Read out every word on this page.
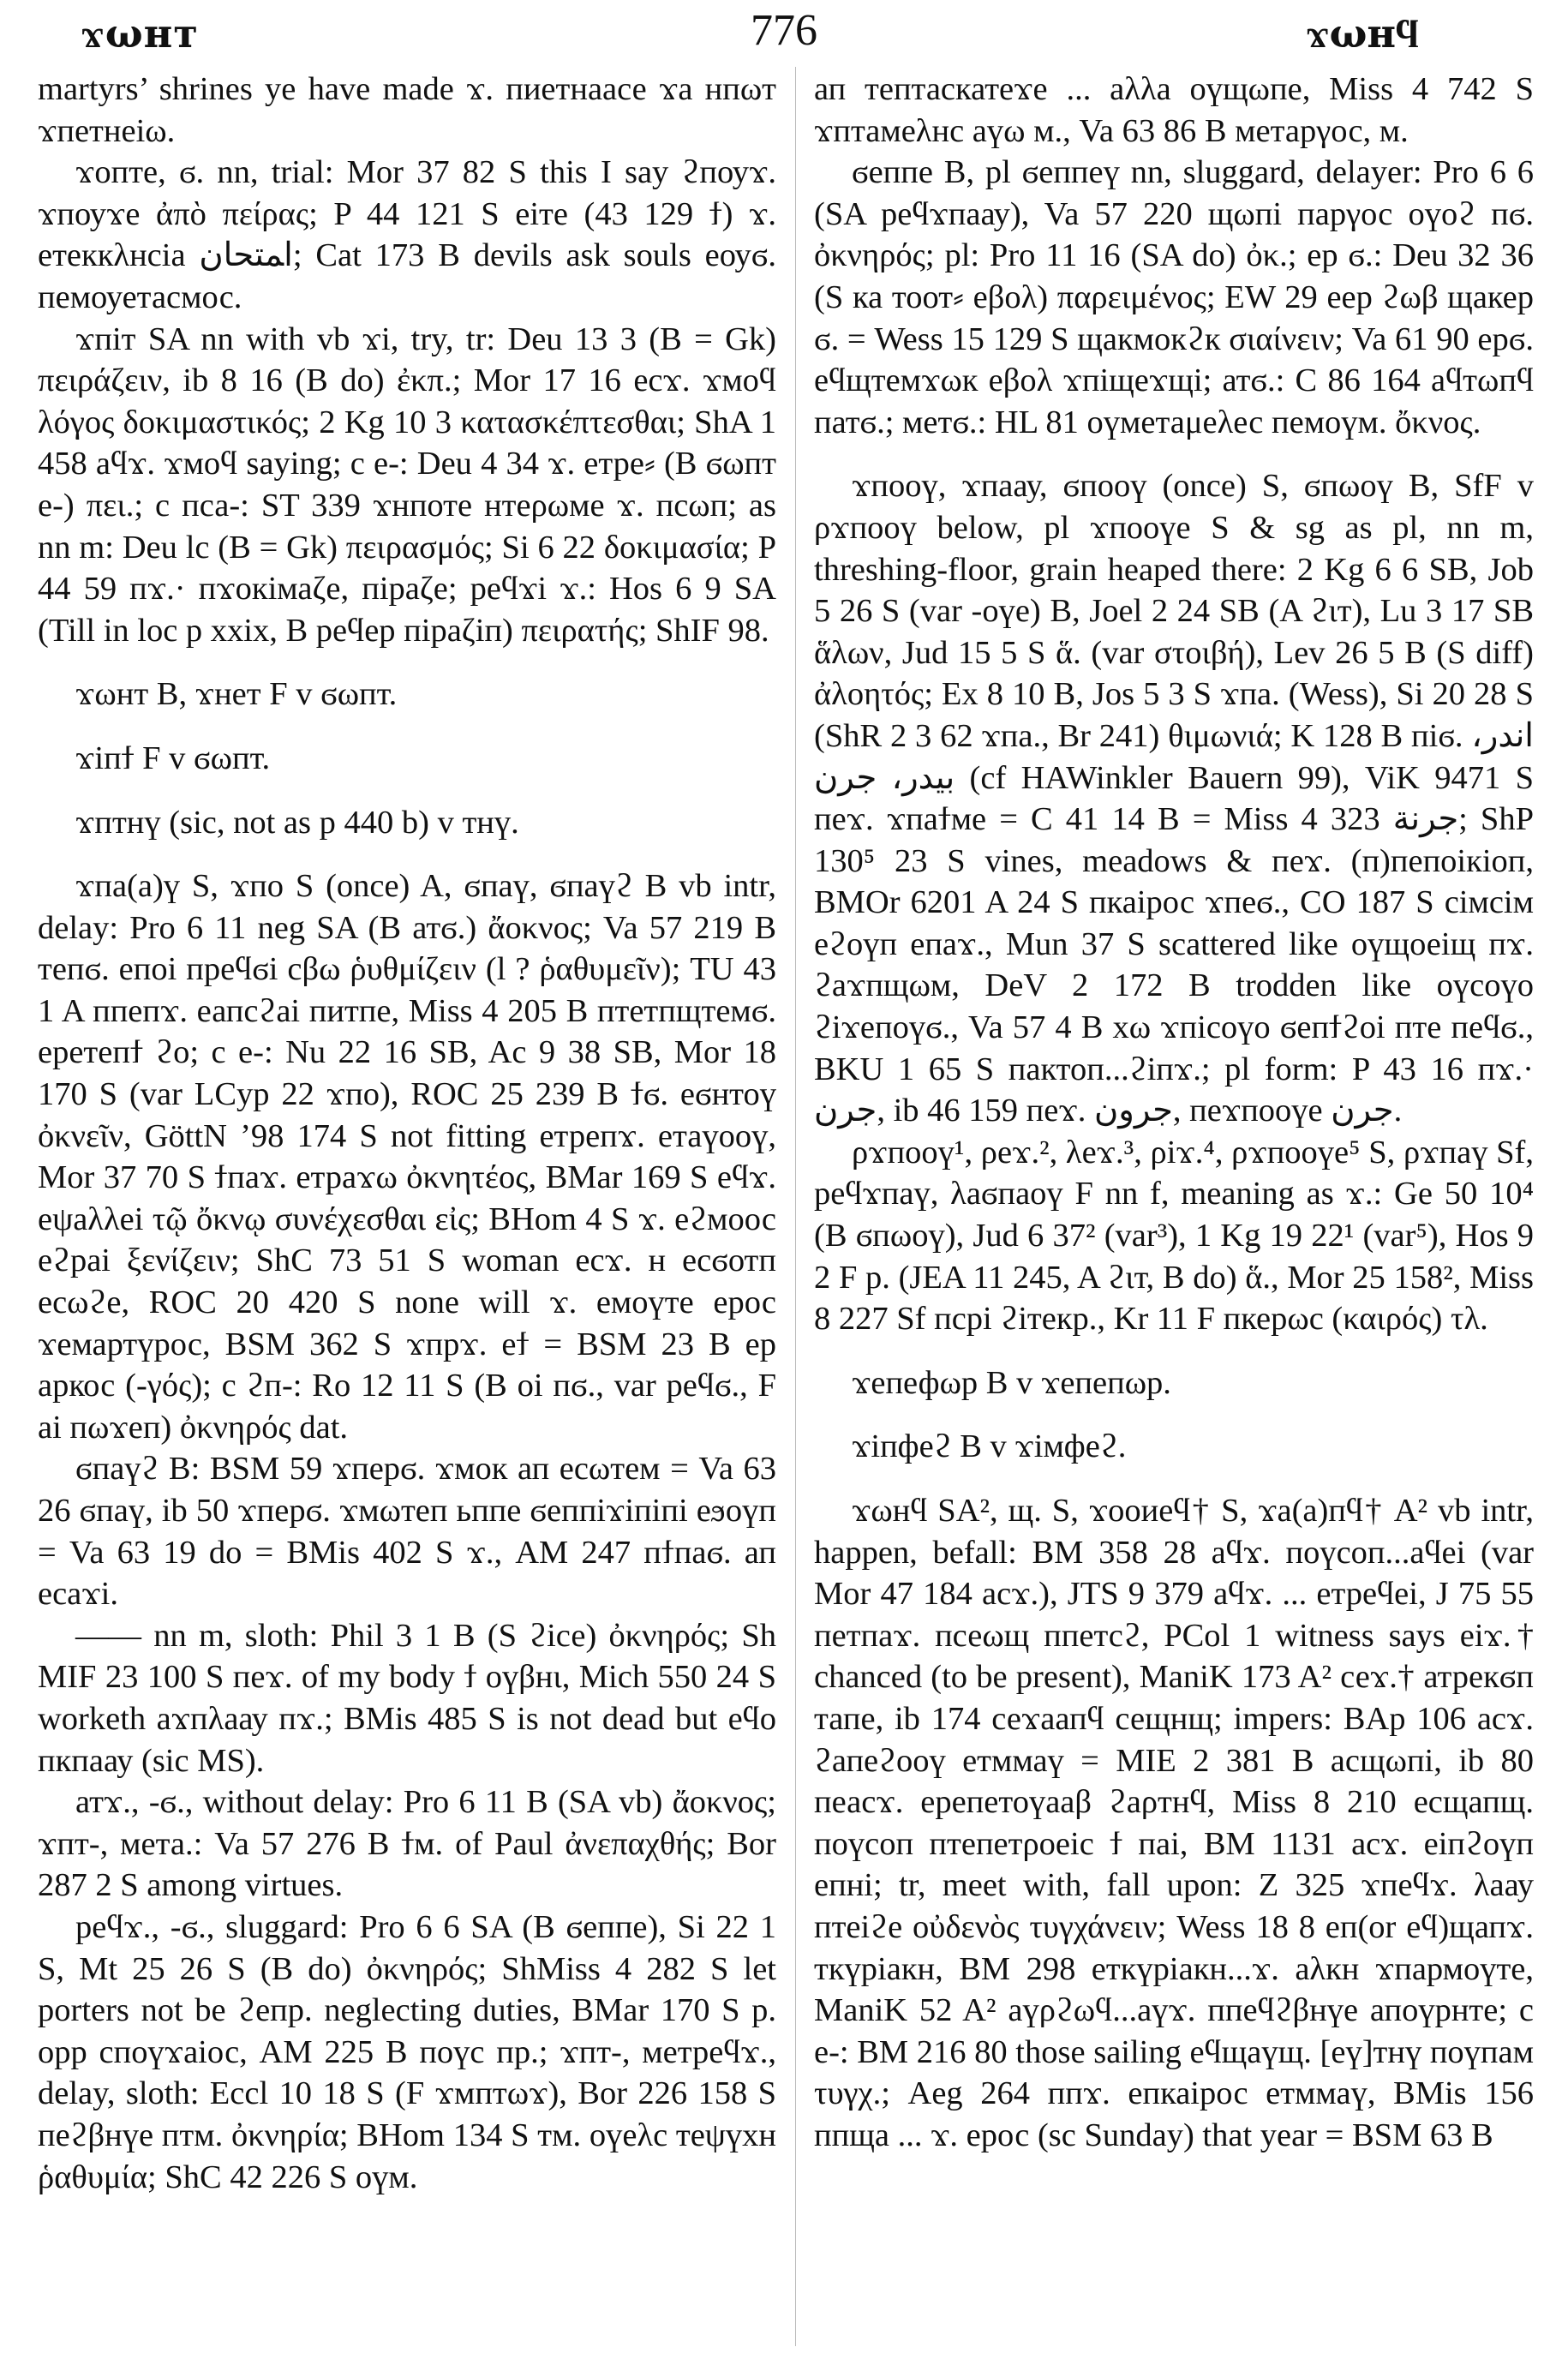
ϫωнт	776	ϫωнϥ

martyrs’ shrines ye have made ϫ. пиетнаасе ϫа нпωт ϫпетнеіω.

ϫопте, ϭ. nn, trial: Mor 37 82 S this I say ϩпоуϫ. ϫпоуϫе ἀπὸ πείρας; P 44 121 S еіте (43 129 ϯ) ϫ. етеккλнсіа ﺍﻤﺘﺤﺎﻥ; Cat 173 B devils ask souls еоуϭ. пемоуетасмос.

ϫпіт SA nn with vb ϫі, try, tr: Deu 13 3 (B = Gk) πειράζειν, ib 8 16 (B do) ἐκπ.; Mor 17 16 еcϫ. ϫмоϥ λόγος δοκιμαστικός; 2 Kg 10 3 κατασκέπτεσθαι; ShA 1 458 аϥϫ. ϫмоϥ saying; с е-: Deu 4 34 ϫ. етре⸗ (B ϭωпт е-) πει.; с пса-: ST 339 ϫнпоте нтеρωме ϫ. псωп; as nn m: Deu lc (B = Gk) πειρασμός; Si 6 22 δοκιμασία; P 44 59 пϫ.· пϫокімаζе, піраζе; реϥϫі ϫ.: Hos 6 9 SA (Till in loc p xxix, B реϥер піраζіп) πειρατής; ShIF 98.

ϫωнт B, ϫнет F v ϭωпт.

ϫіпϯ F v ϭωпт.

ϫптнү (sic, not as p 440 b) v тнү.

ϫпа(а)ү S, ϫпо S (once) A, ϭпаү, ϭпаүϩ B vb intr, delay: Pro 6 11 neg SA (B атϭ.) ἄοκνος; Va 57 219 B тепϭ. епоі преϥϭі сβω ῥυθμίζειν (l ? ῥαθυμεῖν); TU 43 1 A ппепϫ. еапсϩаі питпе, Miss 4 205 B птетпщтемϭ. еретепϯ ϩо; с е-: Nu 22 16 SB, Ac 9 38 SB, Mor 18 170 S (var LCyp 22 ϫпо), ROC 25 239 B ϯϭ. еϭнтоү ὀκνεῖν, GöttN ’98 174 S not fitting етрепϫ. етаүооү, Mor 37 70 S ϯпаϫ. етраϫω ὀκνητέος, BMar 169 S еϥϫ. еψаλλеі τῷ ὄκνῳ συνέχεσθαι εἰς; BHom 4 S ϫ. еϩмоос еϩраі ξενίζειν; ShC 73 51 S woman еcϫ. н еcϭотп еcωϩе, ROC 20 420 S none will ϫ. емоүте ерос ϫемартүрос, BSM 362 S ϫпрϫ. еϯ = BSM 23 B ер аркос (-γός); с ϩп-: Ro 12 11 S (B оі пϭ., var реϥϭ., F аі пωϫеп) ὀκνηρός dat.

ϭпаүϩ B: BSM 59 ϫперϭ. ϫмок ап еcωтем = Va 63 26 ϭпаү, ib 50 ϫперϭ. ϫмωтеп ьппе ϭеппіϫіпіпі еϧоүп = Va 63 19 do = BMis 402 S ϫ., AM 247 пϯпаϭ. ап еcаϫі.

—— nn m, sloth: Phil 3 1 B (S ϩісе) ὀκνηρός; Sh MIF 23 100 S пеϫ. of my body ϯ оүβнι, Mich 550 24 S worketh аϫпλаау пϫ.; BMis 485 S is not dead but еϥо пкпаау (sic MS).

атϫ., -ϭ., without delay: Pro 6 11 B (SA vb) ἄοκνος; ϫпт-, мета.: Va 57 276 B ϯм. of Paul ἀνεπαχθής; Bor 287 2 S among virtues.

реϥϫ., -ϭ., sluggard: Pro 6 6 SA (B ϭеппе), Si 22 1 S, Mt 25 26 S (B do) ὀκνηρός; ShMiss 4 282 S let porters not be ϩепр. neglecting duties, BMar 170 S р. opp споүϫаіос, AM 225 B поүс пр.; ϫпт-, метреϥϫ., delay, sloth: Eccl 10 18 S (F ϫмптωϫ), Bor 226 158 S пеϩβнүе птм. ὀκνηρία; BHom 134 S тм. оүеλс теψүхн ῥαθυμία; ShC 42 226 S оүм.

ап тептаскатеϫе ... аλλа оүщωпе, Miss 4 742 S ϫптамеλнс аүω м., Va 63 86 B метарγос, м.

ϭеппе B, pl ϭеппеү nn, sluggard, delayer: Pro 6 6 (SA реϥϫпаау), Va 57 220 щωпі парγос оүоϩ пϭ. ὀκνηρός; pl: Pro 11 16 (SA do) ὀκ.; ер ϭ.: Deu 32 36 (S ка тоот⸗ еβоλ) παρειμένος; EW 29 еер ϩωβ щакер ϭ. = Wess 15 129 S щакмокϩк σιαίνειν; Va 61 90 ерϭ. еϥщтемϫωк еβоλ ϫпіщеϫщі; атϭ.: C 86 164 аϥтωпϥ патϭ.; метϭ.: HL 81 оүметаμеλес пемоүм. ὄκνος.

ϫпооү, ϫпаау, ϭпооү (once) S, ϭпωоү B, SfF v ρϫпооү below, pl ϫпооүе S & sg as pl, nn m, threshing-floor, grain heaped there: 2 Kg 6 6 SB, Job 5 26 S (var -оүе) B, Joel 2 24 SB (A ϩιт), Lu 3 17 SB ἅλων, Jud 15 5 S ἅ. (var στοιβή), Lev 26 5 B (S diff) ἀλοητός; Ex 8 10 B, Jos 5 3 S ϫпа. (Wess), Si 20 28 S (ShR 2 3 62 ϫпа., Br 241) θιμωνιά; K 128 B піϭ. ﺍﻧﺪﺭ، ﺑﻴﺪﺭ، ﺟﺮﻥ (cf HAWinkler Bauern 99), ViK 9471 S пеϫ. ϫпаϯме = C 41 14 B = Miss 4 323 ﺟﺮﻧﺔ; ShP 130⁵ 23 S vines, meadows & пеϫ. (п)пепоікіоп, BMOr 6201 A 24 S пкаірос ϫпеϭ., CO 187 S сімсім еϩоүп епаϫ., Mun 37 S scattered like оүщоеіщ пϫ. ϩаϫпщωм, DeV 2 172 B trodden like оүсоүо ϩіϫепоүϭ., Va 57 4 B хω ϫпісоүо ϭепϯϩоі пте пеϥϭ., BKU 1 65 S пактоп...ϩіпϫ.; pl form: P 43 16 пϫ.· ﺟﺮﻥ, ib 46 159 пеϫ. ﺟﺮﻭﻥ, пеϫпооүе ﺟﺮﻥ.

ρϫпооү¹, ρеϫ.², λеϫ.³, ρіϫ.⁴, ρϫпооүе⁵ S, ρϫпаү Sf, реϥϫпаү, λаϭпаоү F nn f, meaning as ϫ.: Ge 50 10⁴ (B ϭпωоү), Jud 6 37² (var³), 1 Kg 19 22¹ (var⁵), Hos 9 2 F p. (JEA 11 245, A ϩιт, B do) ἅ., Mor 25 158², Miss 8 227 Sf псрі ϩітекр., Kr 11 F пкерωс (καιρός) τλ.

ϫепефωр B v ϫепепωр.

ϫіпфеϩ B v ϫімфеϩ.

ϫωнϥ SA², щ. S, ϫооиеϥ† S, ϫа(а)пϥ† A² vb intr, happen, befall: BM 358 28 аϥϫ. поүсоп...аϥеі (var Mor 47 184 аcϫ.), JTS 9 379 аϥϫ. ... етреϥеі, J 75 55 петпаϫ. псеωщ ппетсϩ, PCol 1 witness says еіϫ.† chanced (to be present), ManiK 173 A² сеϫ.† атрекϭп тапе, ib 174 сеϫаапϥ сещнщ; impers: BAp 106 аcϫ. ϩапеϩооү етммаү = MIE 2 381 B аcщωпі, ib 80 пеаcϫ. ерепетоүааβ ϩаρтнϥ, Miss 8 210 еcщапщ. поүсоп птепетροеіс ϯ паі, BM 1131 аcϫ. еіпϩоүп епні; tr, meet with, fall upon: Z 325 ϫпеϥϫ. λаау птеіϩе οὐδενὸς τυγχάνειν; Wess 18 8 еп(or еϥ)щапϫ. ткүріакн, BM 298 еткүріакн...ϫ. аλкн ϫпармоүте, ManiK 52 A² аүρϩωϥ...аүϫ. ппеϥϩβнүе апоүрнте; с е-: BM 216 80 those sailing еϥщаүщ. [еү]тнү поүпам τυγχ.; Aeg 264 ппϫ. епкаірос етммаү, BMis 156 ппща ... ϫ. ерос (sc Sunday) that year = BSM 63 B
